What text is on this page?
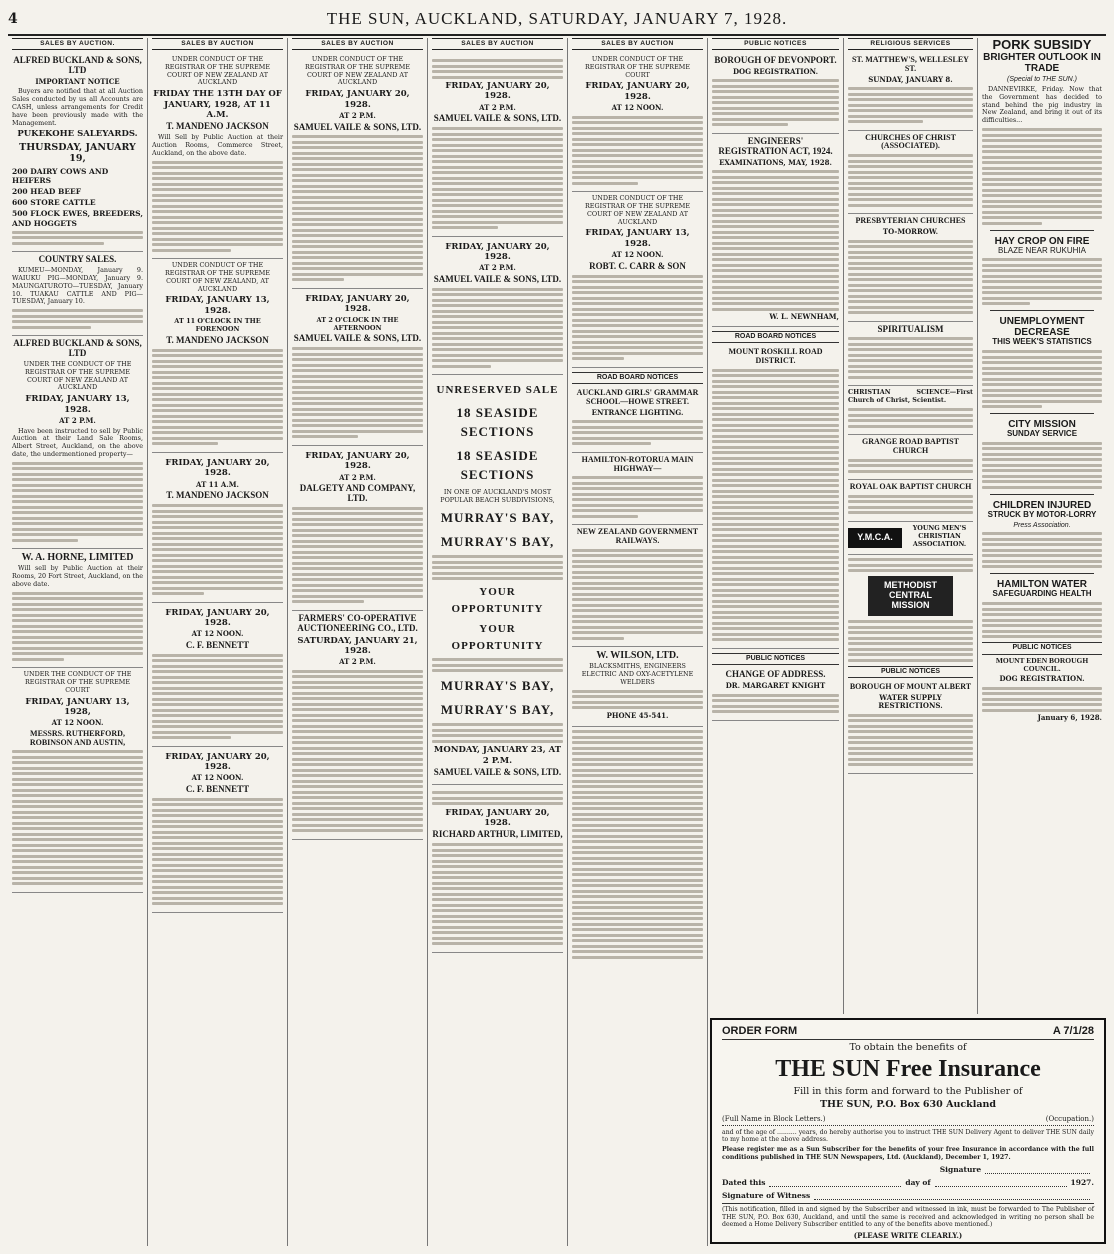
4	THE SUN, AUCKLAND, SATURDAY, JANUARY 7, 1928.
SALES BY AUCTION.
ALFRED BUCKLAND & SONS, LTD
IMPORTANT NOTICE

Buyers are notified that at all Auction Sales conducted by us all Accounts are CASH, unless arrangements for Credit have been previously made with the Management.

PUKEKOHE SALEYARDS.
THURSDAY, JANUARY 19,
200 DAIRY COWS AND HEIFERS
200 HEAD BEEF
600 STORE CATTLE
500 FLOCK EWES, BREEDERS, AND HOGGETS
COUNTRY SALES.

KUMEU—MONDAY, January 9. WAIUKU PIG—MONDAY, January 9. MAUNGATUROTO—TUESDAY, January 10. TUAKAU CATTLE AND PIG—TUESDAY, January 10.

ALFRED BUCKLAND & SONS, LTD

UNDER THE CONDUCT OF THE REGISTRAR OF THE SUPREME COURT OF NEW ZEALAND AT AUCKLAND

FRIDAY, JANUARY 13, 1928.
AT 2 P.M.

Have been instructed to sell by Public Auction at their Land Sale Rooms, Albert Street, Auckland, on the above date, the undermentioned property—

W. A. HORNE, LIMITED

Will sell by Public Auction at their Rooms, 20 Fort Street, Auckland, on the above date.

UNDER THE CONDUCT OF THE REGISTRAR OF THE SUPREME COURT

FRIDAY, JANUARY 13, 1928,
AT 12 NOON.
MESSRS. RUTHERFORD, ROBINSON AND AUSTIN,
SALES BY AUCTION

UNDER CONDUCT OF THE REGISTRAR OF THE SUPREME COURT OF NEW ZEALAND AT AUCKLAND

FRIDAY THE 13TH DAY OF JANUARY, 1928, AT 11 A.M.
T. MANDENO JACKSON

Will Sell by Public Auction at their Auction Rooms, Commerce Street, Auckland, on the above date.

UNDER CONDUCT OF THE REGISTRAR OF THE SUPREME COURT OF NEW ZEALAND, AT AUCKLAND

FRIDAY, JANUARY 13, 1928.
AT 11 O'CLOCK IN THE FORENOON
T. MANDENO JACKSON
FRIDAY, JANUARY 20, 1928.
AT 11 A.M.
T. MANDENO JACKSON
FRIDAY, JANUARY 20, 1928.
AT 12 NOON.
C. F. BENNETT
FRIDAY, JANUARY 20, 1928.
AT 12 NOON.
C. F. BENNETT
SALES BY AUCTION

UNDER CONDUCT OF THE REGISTRAR OF THE SUPREME COURT OF NEW ZEALAND AT AUCKLAND

FRIDAY, JANUARY 20, 1928.
AT 2 P.M.
SAMUEL VAILE & SONS, LTD.
FRIDAY, JANUARY 20, 1928.
AT 2 O'CLOCK IN THE AFTERNOON
SAMUEL VAILE & SONS, LTD.
FRIDAY, JANUARY 20, 1928.
AT 2 P.M.
DALGETY AND COMPANY, LTD.
FARMERS' CO-OPERATIVE AUCTIONEERING CO., LTD.
SATURDAY, JANUARY 21, 1928.
AT 2 P.M.
SALES BY AUCTION
FRIDAY, JANUARY 20, 1928.
AT 2 P.M.
SAMUEL VAILE & SONS, LTD.
FRIDAY, JANUARY 20, 1928.
AT 2 P.M.
SAMUEL VAILE & SONS, LTD.
UNRESERVED SALE
18 SEASIDE SECTIONS
18 SEASIDE SECTIONS

IN ONE OF AUCKLAND'S MOST POPULAR BEACH SUBDIVISIONS,

MURRAY'S BAY,
MURRAY'S BAY,
YOUR OPPORTUNITY
YOUR OPPORTUNITY
MURRAY'S BAY,
MURRAY'S BAY,
MONDAY, JANUARY 23, AT 2 P.M.
SAMUEL VAILE & SONS, LTD.
FRIDAY, JANUARY 20, 1928.
RICHARD ARTHUR, LIMITED,
SALES BY AUCTION

UNDER CONDUCT OF THE REGISTRAR OF THE SUPREME COURT

FRIDAY, JANUARY 20, 1928.
AT 12 NOON.

UNDER CONDUCT OF THE REGISTRAR OF THE SUPREME COURT OF NEW ZEALAND AT AUCKLAND

FRIDAY, JANUARY 13, 1928.
AT 12 NOON.
ROBT. C. CARR & SON
ROAD BOARD NOTICES
AUCKLAND GIRLS' GRAMMAR SCHOOL—HOWE STREET.
ENTRANCE LIGHTING.
HAMILTON-ROTORUA MAIN HIGHWAY—
NEW ZEALAND GOVERNMENT RAILWAYS.
W. WILSON, LTD.

BLACKSMITHS, ENGINEERS ELECTRIC AND OXY-ACETYLENE WELDERS

PHONE 45-541.
PUBLIC NOTICES
BOROUGH OF DEVONPORT.
DOG REGISTRATION.
ENGINEERS' REGISTRATION ACT, 1924.
EXAMINATIONS, MAY, 1928.
W. L. NEWNHAM,
ROAD BOARD NOTICES
MOUNT ROSKILL ROAD DISTRICT.
PUBLIC NOTICES
CHANGE OF ADDRESS.
DR. MARGARET KNIGHT
RELIGIOUS SERVICES
ST. MATTHEW'S, WELLESLEY ST.
SUNDAY, JANUARY 8.
CHURCHES OF CHRIST (ASSOCIATED).
PRESBYTERIAN CHURCHES
TO-MORROW.
SPIRITUALISM

CHRISTIAN SCIENCE—First Church of Christ, Scientist.

GRANGE ROAD BAPTIST CHURCH
ROYAL OAK BAPTIST CHURCH
Y.M.C.A.

YOUNG MEN'S CHRISTIAN ASSOCIATION.

METHODIST CENTRAL MISSION
PUBLIC NOTICES
BOROUGH OF MOUNT ALBERT
WATER SUPPLY RESTRICTIONS.
PORK SUBSIDY
BRIGHTER OUTLOOK IN TRADE
(Special to THE SUN.)

DANNEVIRKE, Friday. Now that the Government has decided to stand behind the pig industry in New Zealand, and bring it out of its difficulties...

HAY CROP ON FIRE
BLAZE NEAR RUKUHIA
UNEMPLOYMENT DECREASE
THIS WEEK'S STATISTICS
CITY MISSION
SUNDAY SERVICE
CHILDREN INJURED
STRUCK BY MOTOR-LORRY
Press Association.
HAMILTON WATER
SAFEGUARDING HEALTH
PUBLIC NOTICES
MOUNT EDEN BOROUGH COUNCIL.
DOG REGISTRATION.
January 6, 1928.
ORDER FORM	A 7/1/28
To obtain the benefits of
THE SUN Free Insurance
Fill in this form and forward to the Publisher of
THE SUN, P.O. Box 630 Auckland
(Full Name in Block Letters.)	(Occupation.)
and of the age of .......... years, do hereby authorise you to instruct THE SUN Delivery Agent to deliver THE SUN daily to my home at the above address.
Please register me as a Sun Subscriber for the benefits of your free Insurance in accordance with the full conditions published in THE SUN Newspapers, Ltd. (Auckland), December 1, 1927.
Signature
Dated this	day of	1927.
Signature of Witness
(This notification, filled in and signed by the Subscriber and witnessed in ink, must be forwarded to The Publisher of THE SUN, P.O. Box 630, Auckland, and until the same is received and acknowledged in writing no person shall be deemed a Home Delivery Subscriber entitled to any of the benefits above mentioned.)
(PLEASE WRITE CLEARLY.)
